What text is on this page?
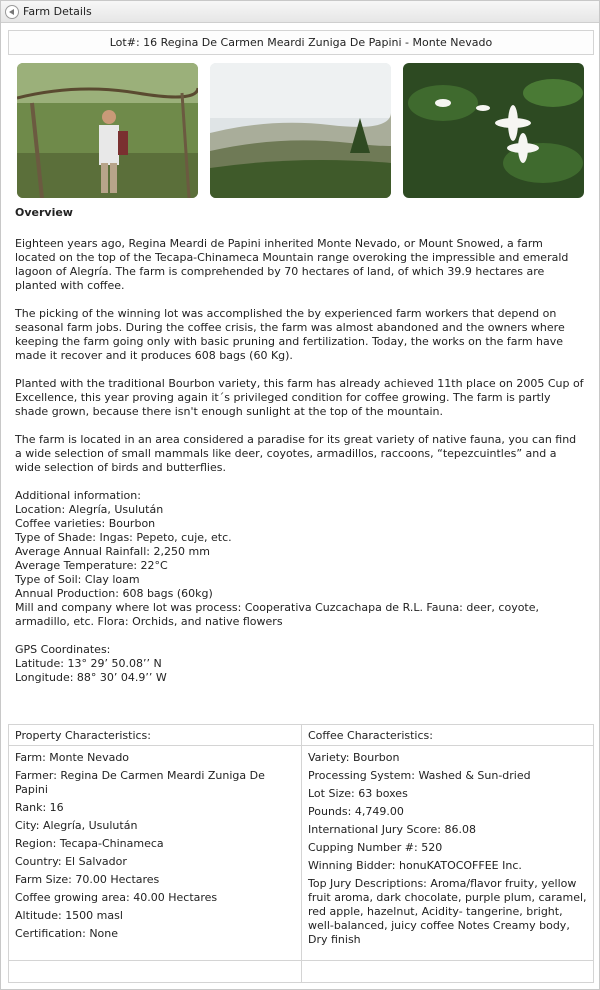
Farm Details
Lot#: 16 Regina De Carmen Meardi Zuniga De Papini - Monte Nevado
Overview

Eighteen years ago, Regina Meardi de Papini inherited Monte Nevado, or Mount Snowed, a farm located on the top of the Tecapa-Chinameca Mountain range overoking the impressible and emerald lagoon of Alegría. The farm is comprehended by 70 hectares of land, of which 39.9 hectares are planted with coffee.

The picking of the winning lot was accomplished the by experienced farm workers that depend on seasonal farm jobs. During the coffee crisis, the farm was almost abandoned and the owners where keeping the farm going only with basic pruning and fertilization. Today, the works on the farm have made it recover and it produces 608 bags (60 Kg).

Planted with the traditional Bourbon variety, this farm has already achieved 11th place on 2005 Cup of Excellence, this year proving again it´s privileged condition for coffee growing. The farm is partly shade grown, because there isn't enough sunlight at the top of the mountain.

The farm is located in an area considered a paradise for its great variety of native fauna, you can find a wide selection of small mammals like deer, coyotes, armadillos, raccoons, “tepezcuintles” and a wide selection of birds and butterflies.

Additional information:
Location: Alegría, Usulután
Coffee varieties: Bourbon
Type of Shade: Ingas: Pepeto, cuje, etc.
Average Annual Rainfall: 2,250 mm
Average Temperature: 22°C
Type of Soil: Clay loam
Annual Production: 608 bags (60kg)

Mill and company where lot was process: Cooperativa Cuzcachapa de R.L. Fauna: deer, coyote, armadillo, etc. Flora: Orchids, and native flowers

GPS Coordinates:
Latitude: 13° 29’ 50.08’’ N
Longitude: 88° 30’ 04.9’’ W
Property Characteristics:
Farm: Monte Nevado
Farmer: Regina De Carmen Meardi Zuniga De Papini
Rank: 16
City: Alegría, Usulután
Region: Tecapa-Chinameca
Country: El Salvador
Farm Size: 70.00 Hectares
Coffee growing area: 40.00 Hectares
Altitude: 1500 masl
Certification: None
Coffee Characteristics:
Variety: Bourbon
Processing System: Washed & Sun-dried
Lot Size: 63 boxes
Pounds: 4,749.00
International Jury Score: 86.08
Cupping Number #: 520
Winning Bidder: honuKATOCOFFEE Inc.
Top Jury Descriptions: Aroma/flavor fruity, yellow fruit aroma, dark chocolate, purple plum, caramel, red apple, hazelnut, Acidity- tangerine, bright, well-balanced, juicy coffee Notes Creamy body, Dry finish
